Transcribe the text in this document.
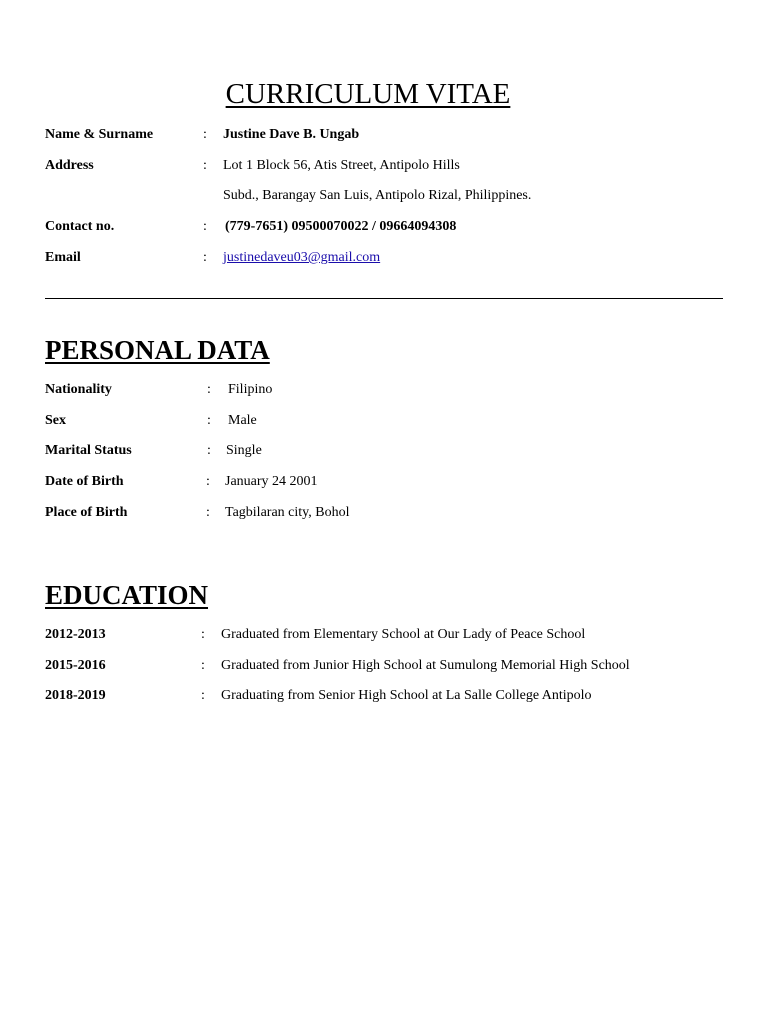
CURRICULUM VITAE
Name & Surname	: Justine Dave B. Ungab
Address	: Lot 1 Block 56, Atis Street, Antipolo Hills
Subd., Barangay San Luis, Antipolo Rizal, Philippines.
Contact no.	: (779-7651) 09500070022 / 09664094308
Email	: justinedaveu03@gmail.com
PERSONAL DATA
Nationality	: Filipino
Sex	: Male
Marital Status	: Single
Date of Birth	: January 24 2001
Place of Birth	: Tagbilaran city, Bohol
EDUCATION
2012-2013	: Graduated from Elementary School at Our Lady of Peace School
2015-2016	: Graduated from Junior High School at Sumulong Memorial High School
2018-2019	: Graduating from Senior High School at La Salle College Antipolo
